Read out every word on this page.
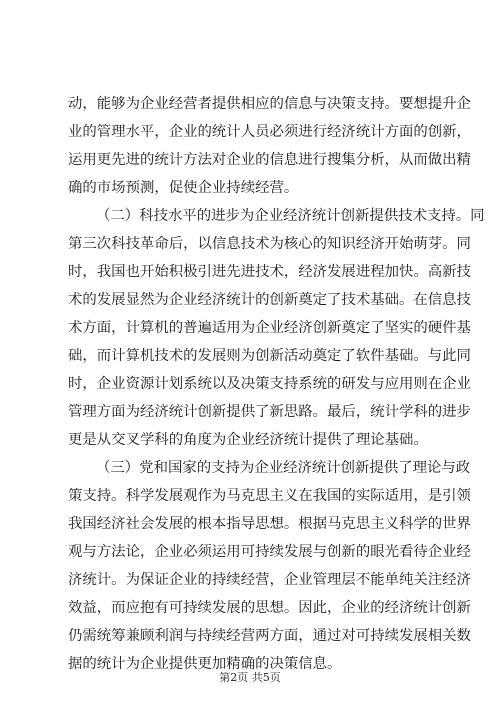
动，能够为企业经营者提供相应的信息与决策支持。要想提升企
业的管理水平，企业的统计人员必须进行经济统计方面的创新，
运用更先进的统计方法对企业的信息进行搜集分析，从而做出精
确的市场预测，促使企业持续经营。
（二）科技水平的进步为企业经济统计创新提供技术支持。同
第三次科技革命后，以信息技术为核心的知识经济开始萌芽。同
时，我国也开始积极引进先进技术，经济发展进程加快。高新技
术的发展显然为企业经济统计的创新奠定了技术基础。在信息技
术方面，计算机的普遍适用为企业经济创新奠定了坚实的硬件基
础，而计算机技术的发展则为创新活动奠定了软件基础。与此同
时，企业资源计划系统以及决策支持系统的研发与应用则在企业
管理方面为经济统计创新提供了新思路。最后，统计学科的进步
更是从交叉学科的角度为企业经济统计提供了理论基础。
（三）党和国家的支持为企业经济统计创新提供了理论与政
策支持。科学发展观作为马克思主义在我国的实际适用，是引领
我国经济社会发展的根本指导思想。根据马克思主义科学的世界
观与方法论，企业必须运用可持续发展与创新的眼光看待企业经
济统计。为保证企业的持续经营，企业管理层不能单纯关注经济
效益，而应抱有可持续发展的思想。因此，企业的经济统计创新
仍需统筹兼顾利润与持续经营两方面，通过对可持续发展相关数
据的统计为企业提供更加精确的决策信息。
第2页 共5页
